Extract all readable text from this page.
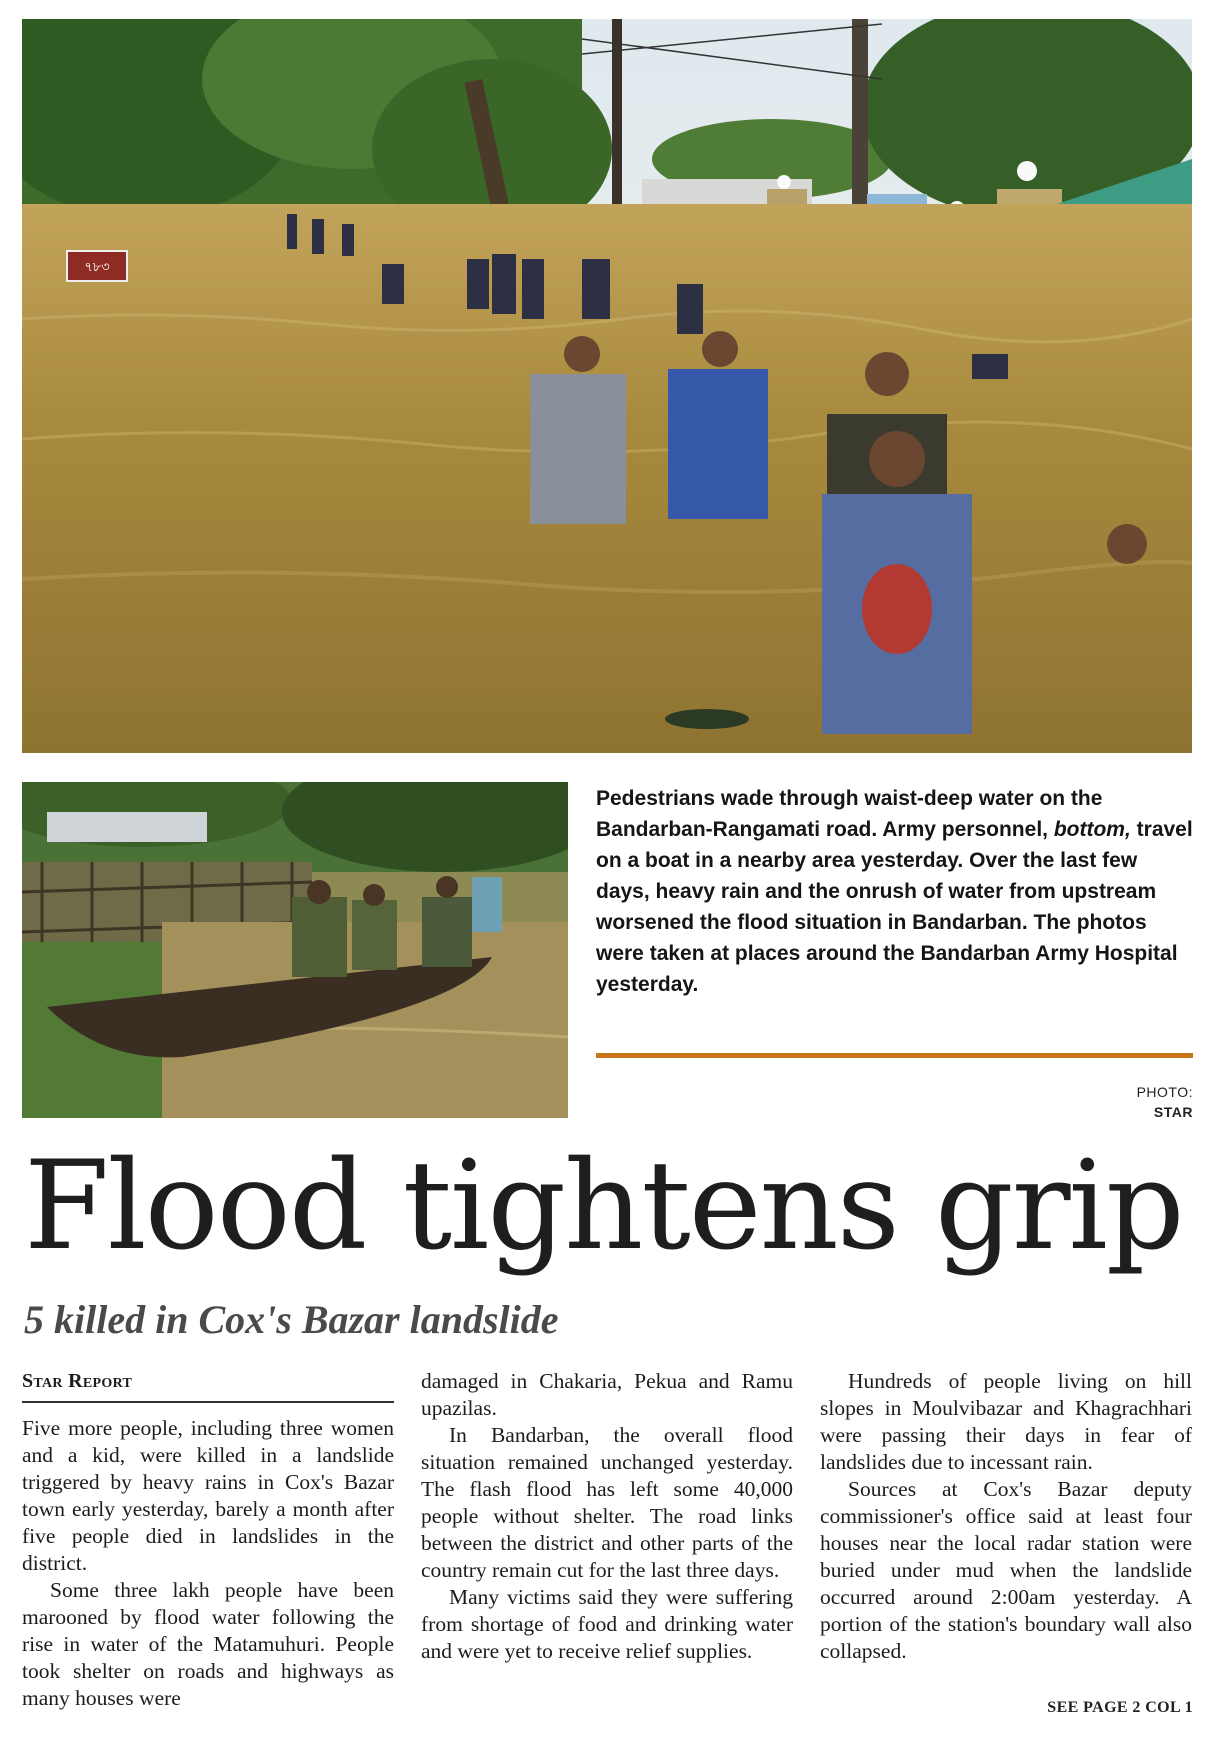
৭৮৩

Pedestrians wade through waist-deep water on the Bandarban-Rangamati road. Army personnel, bottom, travel on a boat in a nearby area yesterday. Over the last few days, heavy rain and the onrush of water from upstream worsened the flood situation in Bandarban. The photos were taken at places around the Bandarban Army Hospital yesterday.

PHOTO:
STAR
Flood tightens grip
5 killed in Cox's Bazar landslide
Star Report

Five more people, including three women and a kid, were killed in a landslide triggered by heavy rains in Cox's Bazar town early yesterday, barely a month after five people died in landslides in the district.

Some three lakh people have been marooned by flood water following the rise in water of the Matamuhuri. People took shelter on roads and highways as many houses were

damaged in Chakaria, Pekua and Ramu upazilas.

In Bandarban, the overall flood situation remained unchanged yesterday. The flash flood has left some 40,000 people without shelter. The road links between the district and other parts of the country remain cut for the last three days.

Many victims said they were suffering from shortage of food and drinking water and were yet to receive relief supplies.

Hundreds of people living on hill slopes in Moulvibazar and Khagrachhari were passing their days in fear of landslides due to incessant rain.

Sources at Cox's Bazar deputy commissioner's office said at least four houses near the local radar station were buried under mud when the landslide occurred around 2:00am yesterday. A portion of the station's boundary wall also collapsed.

SEE PAGE 2 COL 1
